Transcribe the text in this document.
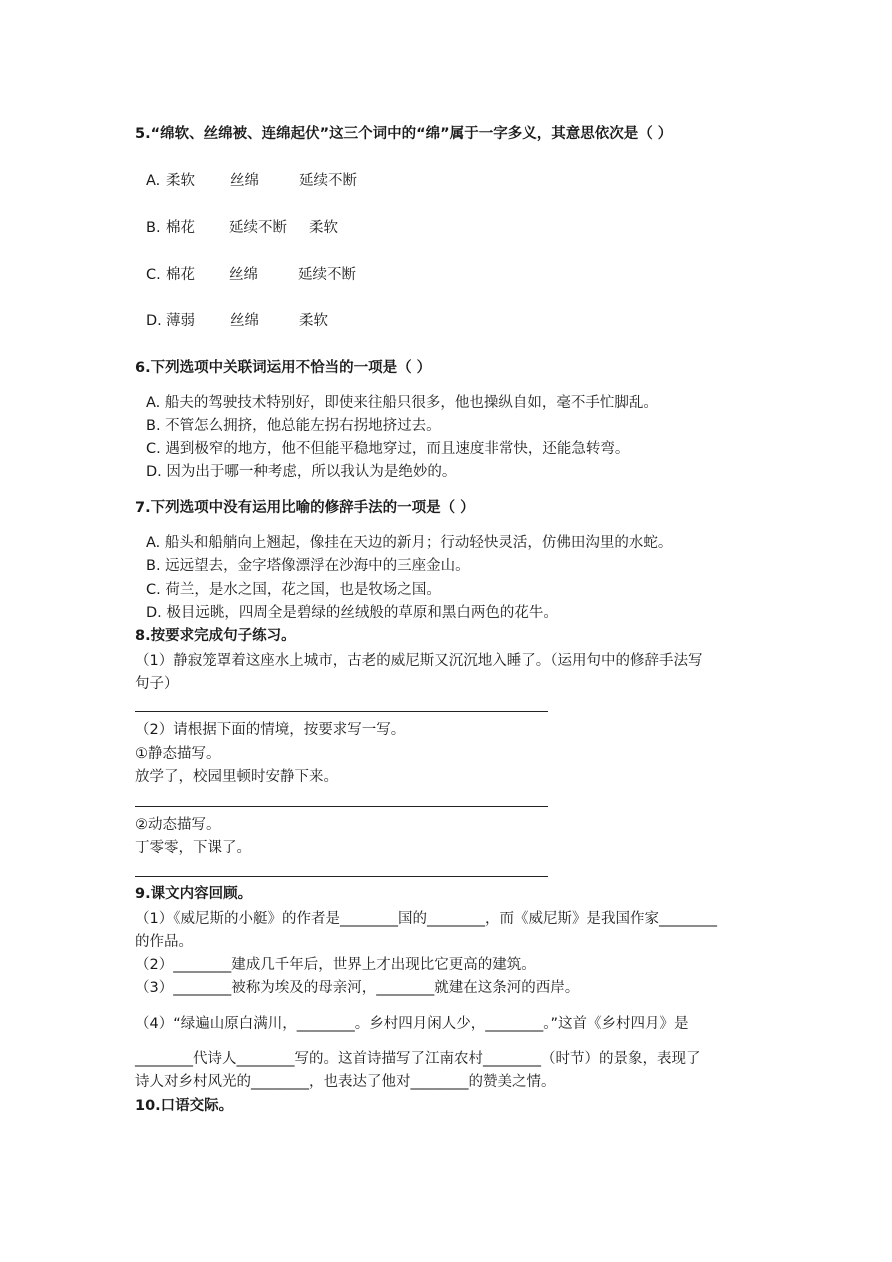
5.“绵软、丝绵被、连绵起伏”这三个词中的“绵”属于一字多义，其意思依次是（ ）
A. 柔软 丝绵	延续不断
B. 棉花 延续不断 柔软
C. 棉花 丝绵	延续不断
D. 薄弱 丝绵	柔软
6.下列选项中关联词运用不恰当的一项是（ ）
A. 船夫的驾驶技术特别好，即使来往船只很多，他也操纵自如，毫不手忙脚乱。
B. 不管怎么拥挤，他总能左拐右拐地挤过去。
C. 遇到极窄的地方，他不但能平稳地穿过，而且速度非常快，还能急转弯。
D. 因为出于哪一种考虑，所以我认为是绝妙的。
7.下列选项中没有运用比喻的修辞手法的一项是（ ）
A. 船头和船艄向上翘起，像挂在天边的新月；行动轻快灵活，仿佛田沟里的水蛇。
B. 远远望去，金字塔像漂浮在沙海中的三座金山。
C. 荷兰，是水之国，花之国，也是牧场之国。
D. 极目远眺，四周全是碧绿的丝绒般的草原和黑白两色的花牛。
8.按要求完成句子练习。
（1）静寂笼罩着这座水上城市，古老的威尼斯又沉沉地入睡了。（运用句中的修辞手法写
句子）
（2）请根据下面的情境，按要求写一写。
①静态描写。
放学了，校园里顿时安静下来。
②动态描写。
丁零零，下课了。
9.课文内容回顾。
（1）《威尼斯的小艇》的作者是________国的________，而《威尼斯》是我国作家________
的作品。
（2）________建成几千年后，世界上才出现比它更高的建筑。
（3）________被称为埃及的母亲河，________就建在这条河的西岸。
（4）“绿遍山原白满川，________。乡村四月闲人少，________。”这首《乡村四月》是
________代诗人________写的。这首诗描写了江南农村________（时节）的景象，表现了
诗人对乡村风光的________，也表达了他对________的赞美之情。
10.口语交际。
